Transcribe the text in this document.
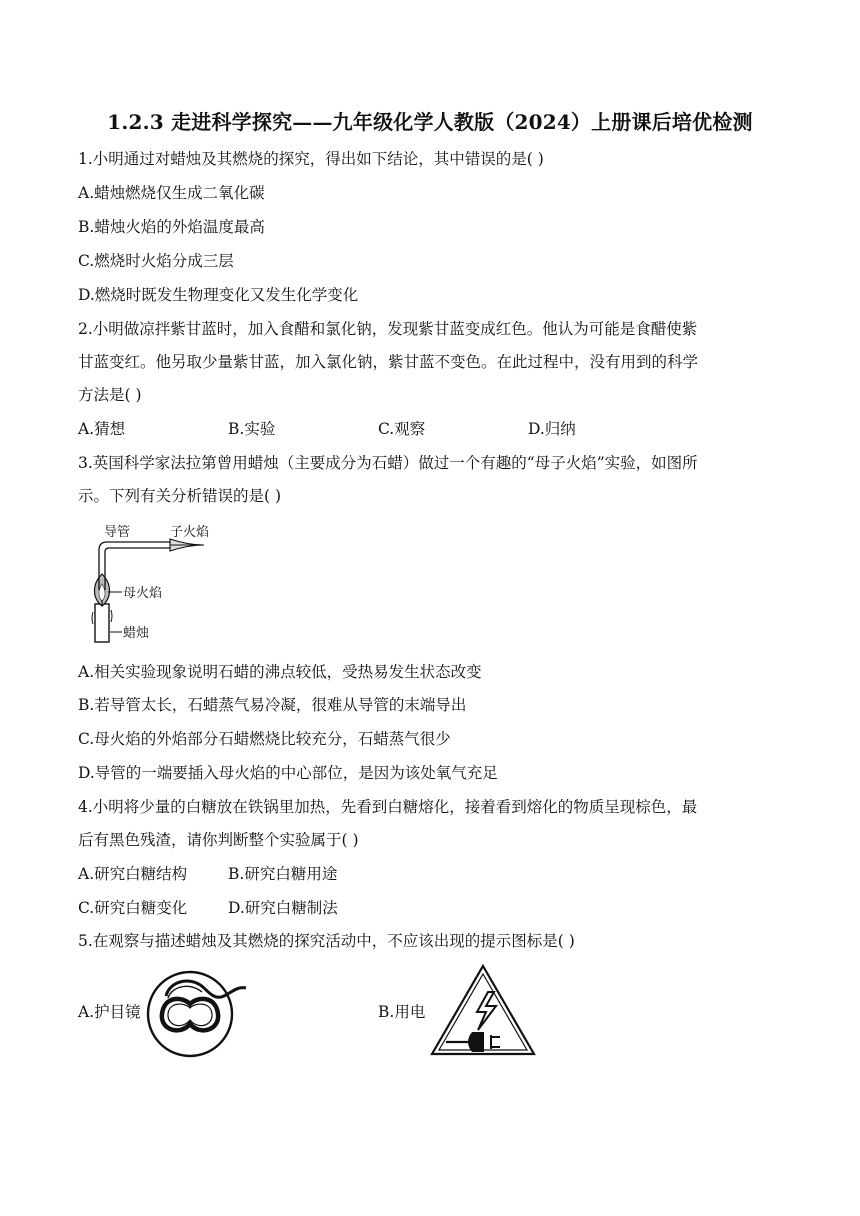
1.2.3 走进科学探究——九年级化学人教版（2024）上册课后培优检测
1.小明通过对蜡烛及其燃烧的探究，得出如下结论，其中错误的是( )
A.蜡烛燃烧仅生成二氧化碳
B.蜡烛火焰的外焰温度最高
C.燃烧时火焰分成三层
D.燃烧时既发生物理变化又发生化学变化
2.小明做凉拌紫甘蓝时，加入食醋和氯化钠，发现紫甘蓝变成红色。他认为可能是食醋使紫
甘蓝变红。他另取少量紫甘蓝，加入氯化钠，紫甘蓝不变色。在此过程中，没有用到的科学
方法是( )
A.猜想	B.实验	C.观察	D.归纳
3.英国科学家法拉第曾用蜡烛（主要成分为石蜡）做过一个有趣的“母子火焰”实验，如图所
示。下列有关分析错误的是( )
导管	子火焰
母火焰
蜡烛
A.相关实验现象说明石蜡的沸点较低，受热易发生状态改变
B.若导管太长，石蜡蒸气易冷凝，很难从导管的末端导出
C.母火焰的外焰部分石蜡燃烧比较充分，石蜡蒸气很少
D.导管的一端要插入母火焰的中心部位，是因为该处氧气充足
4.小明将少量的白糖放在铁锅里加热，先看到白糖熔化，接着看到熔化的物质呈现棕色，最
后有黑色残渣，请你判断整个实验属于( )
A.研究白糖结构	B.研究白糖用途
C.研究白糖变化	D.研究白糖制法
5.在观察与描述蜡烛及其燃烧的探究活动中，不应该出现的提示图标是( )
A.护目镜	B.用电
